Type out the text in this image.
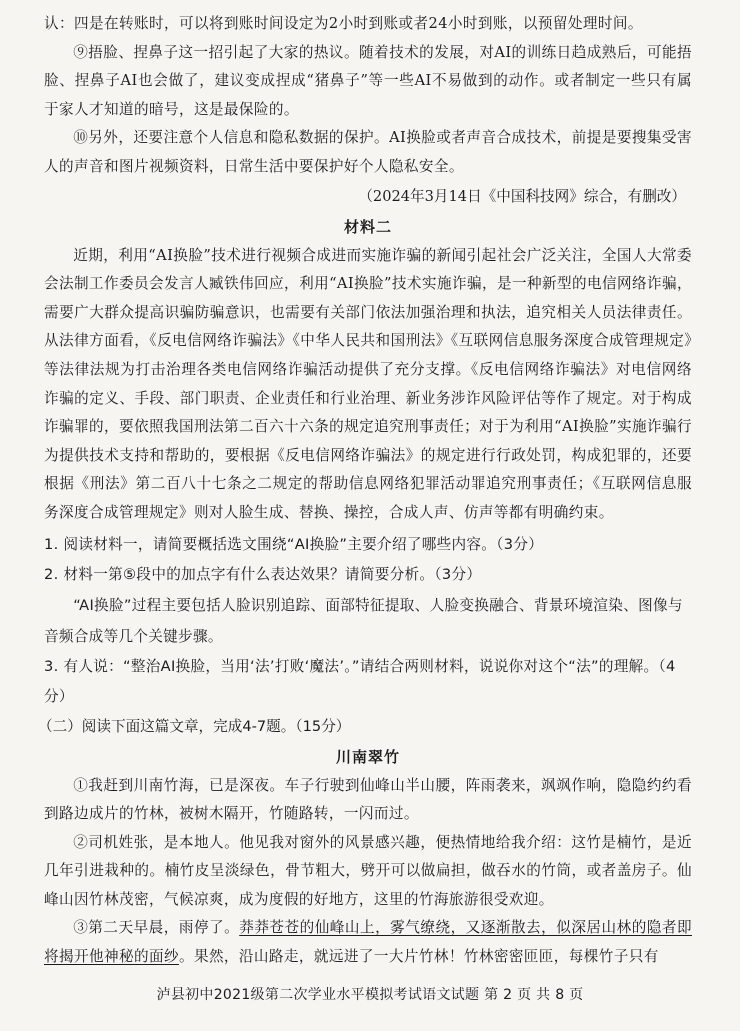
认：四是在转账时，可以将到账时间设定为2小时到账或者24小时到账，以预留处理时间。

⑨捂脸、捏鼻子这一招引起了大家的热议。随着技术的发展，对AI的训练日趋成熟后，可能捂脸、捏鼻子AI也会做了，建议变成捏成“猪鼻子”等一些AI不易做到的动作。或者制定一些只有属于家人才知道的暗号，这是最保险的。

⑩另外，还要注意个人信息和隐私数据的保护。AI换脸或者声音合成技术，前提是要搜集受害人的声音和图片视频资料，日常生活中要保护好个人隐私安全。

（2024年3月14日《中国科技网》综合，有删改）

材料二

近期，利用“AI换脸”技术进行视频合成进而实施诈骗的新闻引起社会广泛关注，全国人大常委会法制工作委员会发言人臧铁伟回应，利用“AI换脸”技术实施诈骗，是一种新型的电信网络诈骗，需要广大群众提高识骗防骗意识，也需要有关部门依法加强治理和执法，追究相关人员法律责任。从法律方面看，《反电信网络诈骗法》《中华人民共和国刑法》《互联网信息服务深度合成管理规定》等法律法规为打击治理各类电信网络诈骗活动提供了充分支撑。《反电信网络诈骗法》对电信网络诈骗的定义、手段、部门职责、企业责任和行业治理、新业务涉诈风险评估等作了规定。对于构成诈骗罪的，要依照我国刑法第二百六十六条的规定追究刑事责任；对于为利用“AI换脸”实施诈骗行为提供技术支持和帮助的，要根据《反电信网络诈骗法》的规定进行行政处罚，构成犯罪的，还要根据《刑法》第二百八十七条之二规定的帮助信息网络犯罪活动罪追究刑事责任；《互联网信息服务深度合成管理规定》则对人脸生成、替换、操控，合成人声、仿声等都有明确约束。

1. 阅读材料一，请简要概括选文围绕“AI换脸”主要介绍了哪些内容。（3分）

2. 材料一第⑤段中的加点字有什么表达效果？请简要分析。（3分）

“AI换脸”过程主要包括人脸识别追踪、面部特征提取、人脸变换融合、背景环境渲染、图像与音频合成等几个关键步骤。

3. 有人说：“整治AI换脸，当用‘法’打败‘魔法’。”请结合两则材料，说说你对这个“法”的理解。（4分）

（二）阅读下面这篇文章，完成4-7题。（15分）

川南翠竹

①我赶到川南竹海，已是深夜。车子行驶到仙峰山半山腰，阵雨袭来，飒飒作响，隐隐约约看到路边成片的竹林，被树木隔开，竹随路转，一闪而过。

②司机姓张，是本地人。他见我对窗外的风景感兴趣，便热情地给我介绍：这竹是楠竹，是近几年引进栽种的。楠竹皮呈淡绿色，骨节粗大，劈开可以做扁担，做吞水的竹筒，或者盖房子。仙峰山因竹林茂密，气候凉爽，成为度假的好地方，这里的竹海旅游很受欢迎。

③第二天早晨，雨停了。莽莽苍苍的仙峰山上，雾气缭绕，又逐渐散去，似深居山林的隐者即将揭开他神秘的面纱。果然，沿山路走，就远进了一大片竹林！竹林密密匝匝，每棵竹子只有

泸县初中2021级第二次学业水平模拟考试语文试题 第 2 页 共 8 页
